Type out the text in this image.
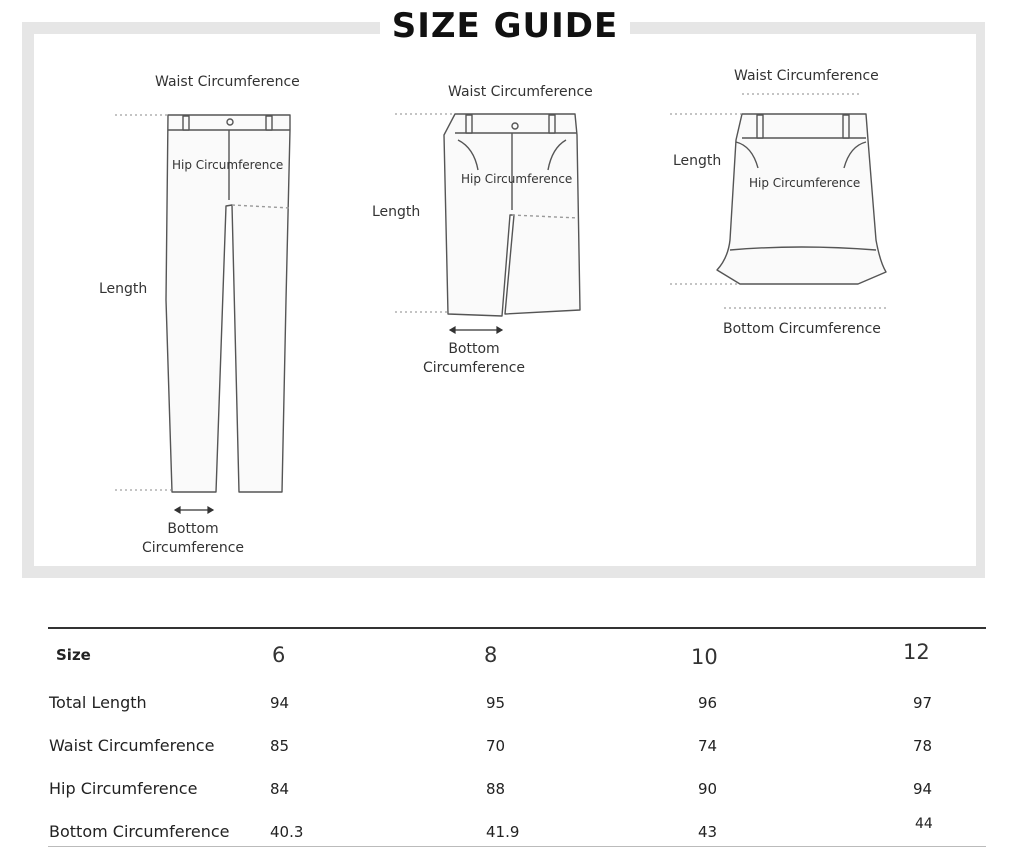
SIZE GUIDE
Waist Circumference
Hip Circumference
Length
Bottom Circumference
Waist Circumference
Hip Circumference
Length
Bottom Circumference
Waist Circumference
Length
Hip Circumference
Bottom Circumference
Size	6	8	10	12
Total Length	94	95	96	97
Waist Circumference	85	70	74	78
Hip Circumference	84	88	90	94
Bottom Circumference	40.3	41.9	43	44
